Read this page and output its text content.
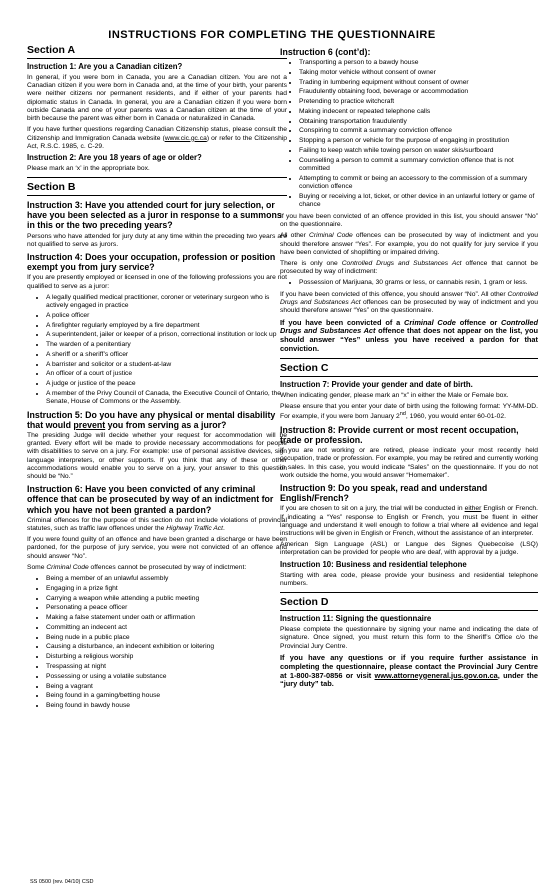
INSTRUCTIONS FOR COMPLETING THE QUESTIONNAIRE
Section A
Instruction 1: Are you a Canadian citizen?

In general, if you were born in Canada, you are a Canadian citizen. You are not a Canadian citizen if you were born in Canada and, at the time of your birth, your parents were neither citizens nor permanent residents, and if either of your parents had diplomatic status in Canada. In general, you are a Canadian citizen if you were born outside Canada and one of your parents was a Canadian citizen at the time of your birth because the parent was either born in Canada or naturalized in Canada.

If you have further questions regarding Canadian Citizenship status, please consult the Citizenship and Immigration Canada website (www.cic.gc.ca) or refer to the Citizenship Act, R.S.C. 1985, c. C-29.

Instruction 2: Are you 18 years of age or older?

Please mark an ‘x’ in the appropriate box.

Section B
Instruction 3: Have you attended court for jury selection, or have you been selected as a juror in response to a summons in this or the two preceding years?

Persons who have attended for jury duty at any time within the preceding two years are not qualified to serve as jurors.

Instruction 4: Does your occupation, profession or position exempt you from jury service?

If you are presently employed or licensed in one of the following professions you are not qualified to serve as a juror:

• A legally qualified medical practitioner, coroner or veterinary surgeon who is actively engaged in practice
• A police officer
• A firefighter regularly employed by a fire department
• A superintendent, jailer or keeper of a prison, correctional institution or lock up
• The warden of a penitentiary
• A sheriff or a sheriff’s officer
• A barrister and solicitor or a student-at-law
• An officer of a court of justice
• A judge or justice of the peace
• A member of the Privy Council of Canada, the Executive Council of Ontario, the Senate, House of Commons or the Assembly.
Instruction 5: Do you have any physical or mental disability that would prevent you from serving as a juror?

The presiding Judge will decide whether your request for accommodation will be granted. Every effort will be made to provide necessary accommodations for people with disabilities to serve on a jury. For example: use of personal assistive devices, sign language interpreters, or other supports. If you think that any of these or other accommodations would enable you to serve on a jury, your answer to this question should be “No.”

Instruction 6: Have you been convicted of any criminal offence that can be prosecuted by way of an indictment for which you have not been granted a pardon?

Criminal offences for the purpose of this section do not include violations of provincial statutes, such as traffic law offences under the Highway Traffic Act.

If you were found guilty of an offence and have been granted a discharge or have been pardoned, for the purpose of jury service, you were not convicted of an offence and should answer “No”.

Some Criminal Code offences cannot be prosecuted by way of indictment:

• Being a member of an unlawful assembly
• Engaging in a prize fight
• Carrying a weapon while attending a public meeting
• Personating a peace officer
• Making a false statement under oath or affirmation
• Committing an indecent act
• Being nude in a public place
• Causing a disturbance, an indecent exhibition or loitering
• Disturbing a religious worship
• Trespassing at night
• Possessing or using a volatile substance
• Being a vagrant
• Being found in a gaming/betting house
• Being found in bawdy house
Instruction 6 (cont’d):
• Transporting a person to a bawdy house
• Taking motor vehicle without consent of owner
• Trading in lumbering equipment without consent of owner
• Fraudulently obtaining food, beverage or accommodation
• Pretending to practice witchcraft
• Making indecent or repeated telephone calls
• Obtaining transportation fraudulently
• Conspiring to commit a summary conviction offence
• Stopping a person or vehicle for the purpose of engaging in prostitution
• Failing to keep watch while towing person on water skis/surfboard
• Counselling a person to commit a summary conviction offence that is not committed
• Attempting to commit or being an accessory to the commission of a summary conviction offence
• Buying or receiving a lot, ticket, or other device in an unlawful lottery or game of chance

If you have been convicted of an offence provided in this list, you should answer “No” on the questionnaire.

All other Criminal Code offences can be prosecuted by way of indictment and you should therefore answer “Yes”. For example, you do not qualify for jury service if you have been convicted of shoplifting or impaired driving.

There is only one Controlled Drugs and Substances Act offence that cannot be prosecuted by way of indictment:

• Possession of Marijuana, 30 grams or less, or cannabis resin, 1 gram or less.

If you have been convicted of this offence, you should answer “No”. All other Controlled Drugs and Substances Act offences can be prosecuted by way of indictment and you should therefore answer “Yes” on the questionnaire.

If you have been convicted of a Criminal Code offence or Controlled Drugs and Substances Act offence that does not appear on the list, you should answer “Yes” unless you have received a pardon for that conviction.

Section C
Instruction 7: Provide your gender and date of birth.

When indicating gender, please mark an “x” in either the Male or Female box.

Please ensure that you enter your date of birth using the following format: YY-MM-DD. For example, if you were born January 2nd, 1960, you would enter 60-01-02.

Instruction 8: Provide current or most recent occupation, trade or profession.

If you are not working or are retired, please indicate your most recently held occupation, trade or profession. For example, you may be retired and currently working in sales. In this case, you would indicate “Sales” on the questionnaire. If you do not work outside the home, you would answer “Homemaker”.

Instruction 9: Do you speak, read and understand English/French?

If you are chosen to sit on a jury, the trial will be conducted in either English or French. If indicating a “Yes” response to English or French, you must be fluent in either language and understand it well enough to follow a trial where all evidence and legal instructions will be given in English or French, without the assistance of an interpreter.

American Sign Language (ASL) or Langue des Signes Quebecoise (LSQ) interpretation can be provided for people who are deaf, with approval by a judge.

Instruction 10: Business and residential telephone

Starting with area code, please provide your business and residential telephone numbers.

Section D
Instruction 11: Signing the questionnaire

Please complete the questionnaire by signing your name and indicating the date of signature. Once signed, you must return this form to the Sheriff’s Office c/o the Provincial Jury Centre.

If you have any questions or if you require further assistance in completing the questionnaire, please contact the Provincial Jury Centre at 1-800-387-0856 or visit www.attorneygeneral.jus.gov.on.ca, under the “jury duty” tab.

SS 0500 (rev. 04/10) CSD
